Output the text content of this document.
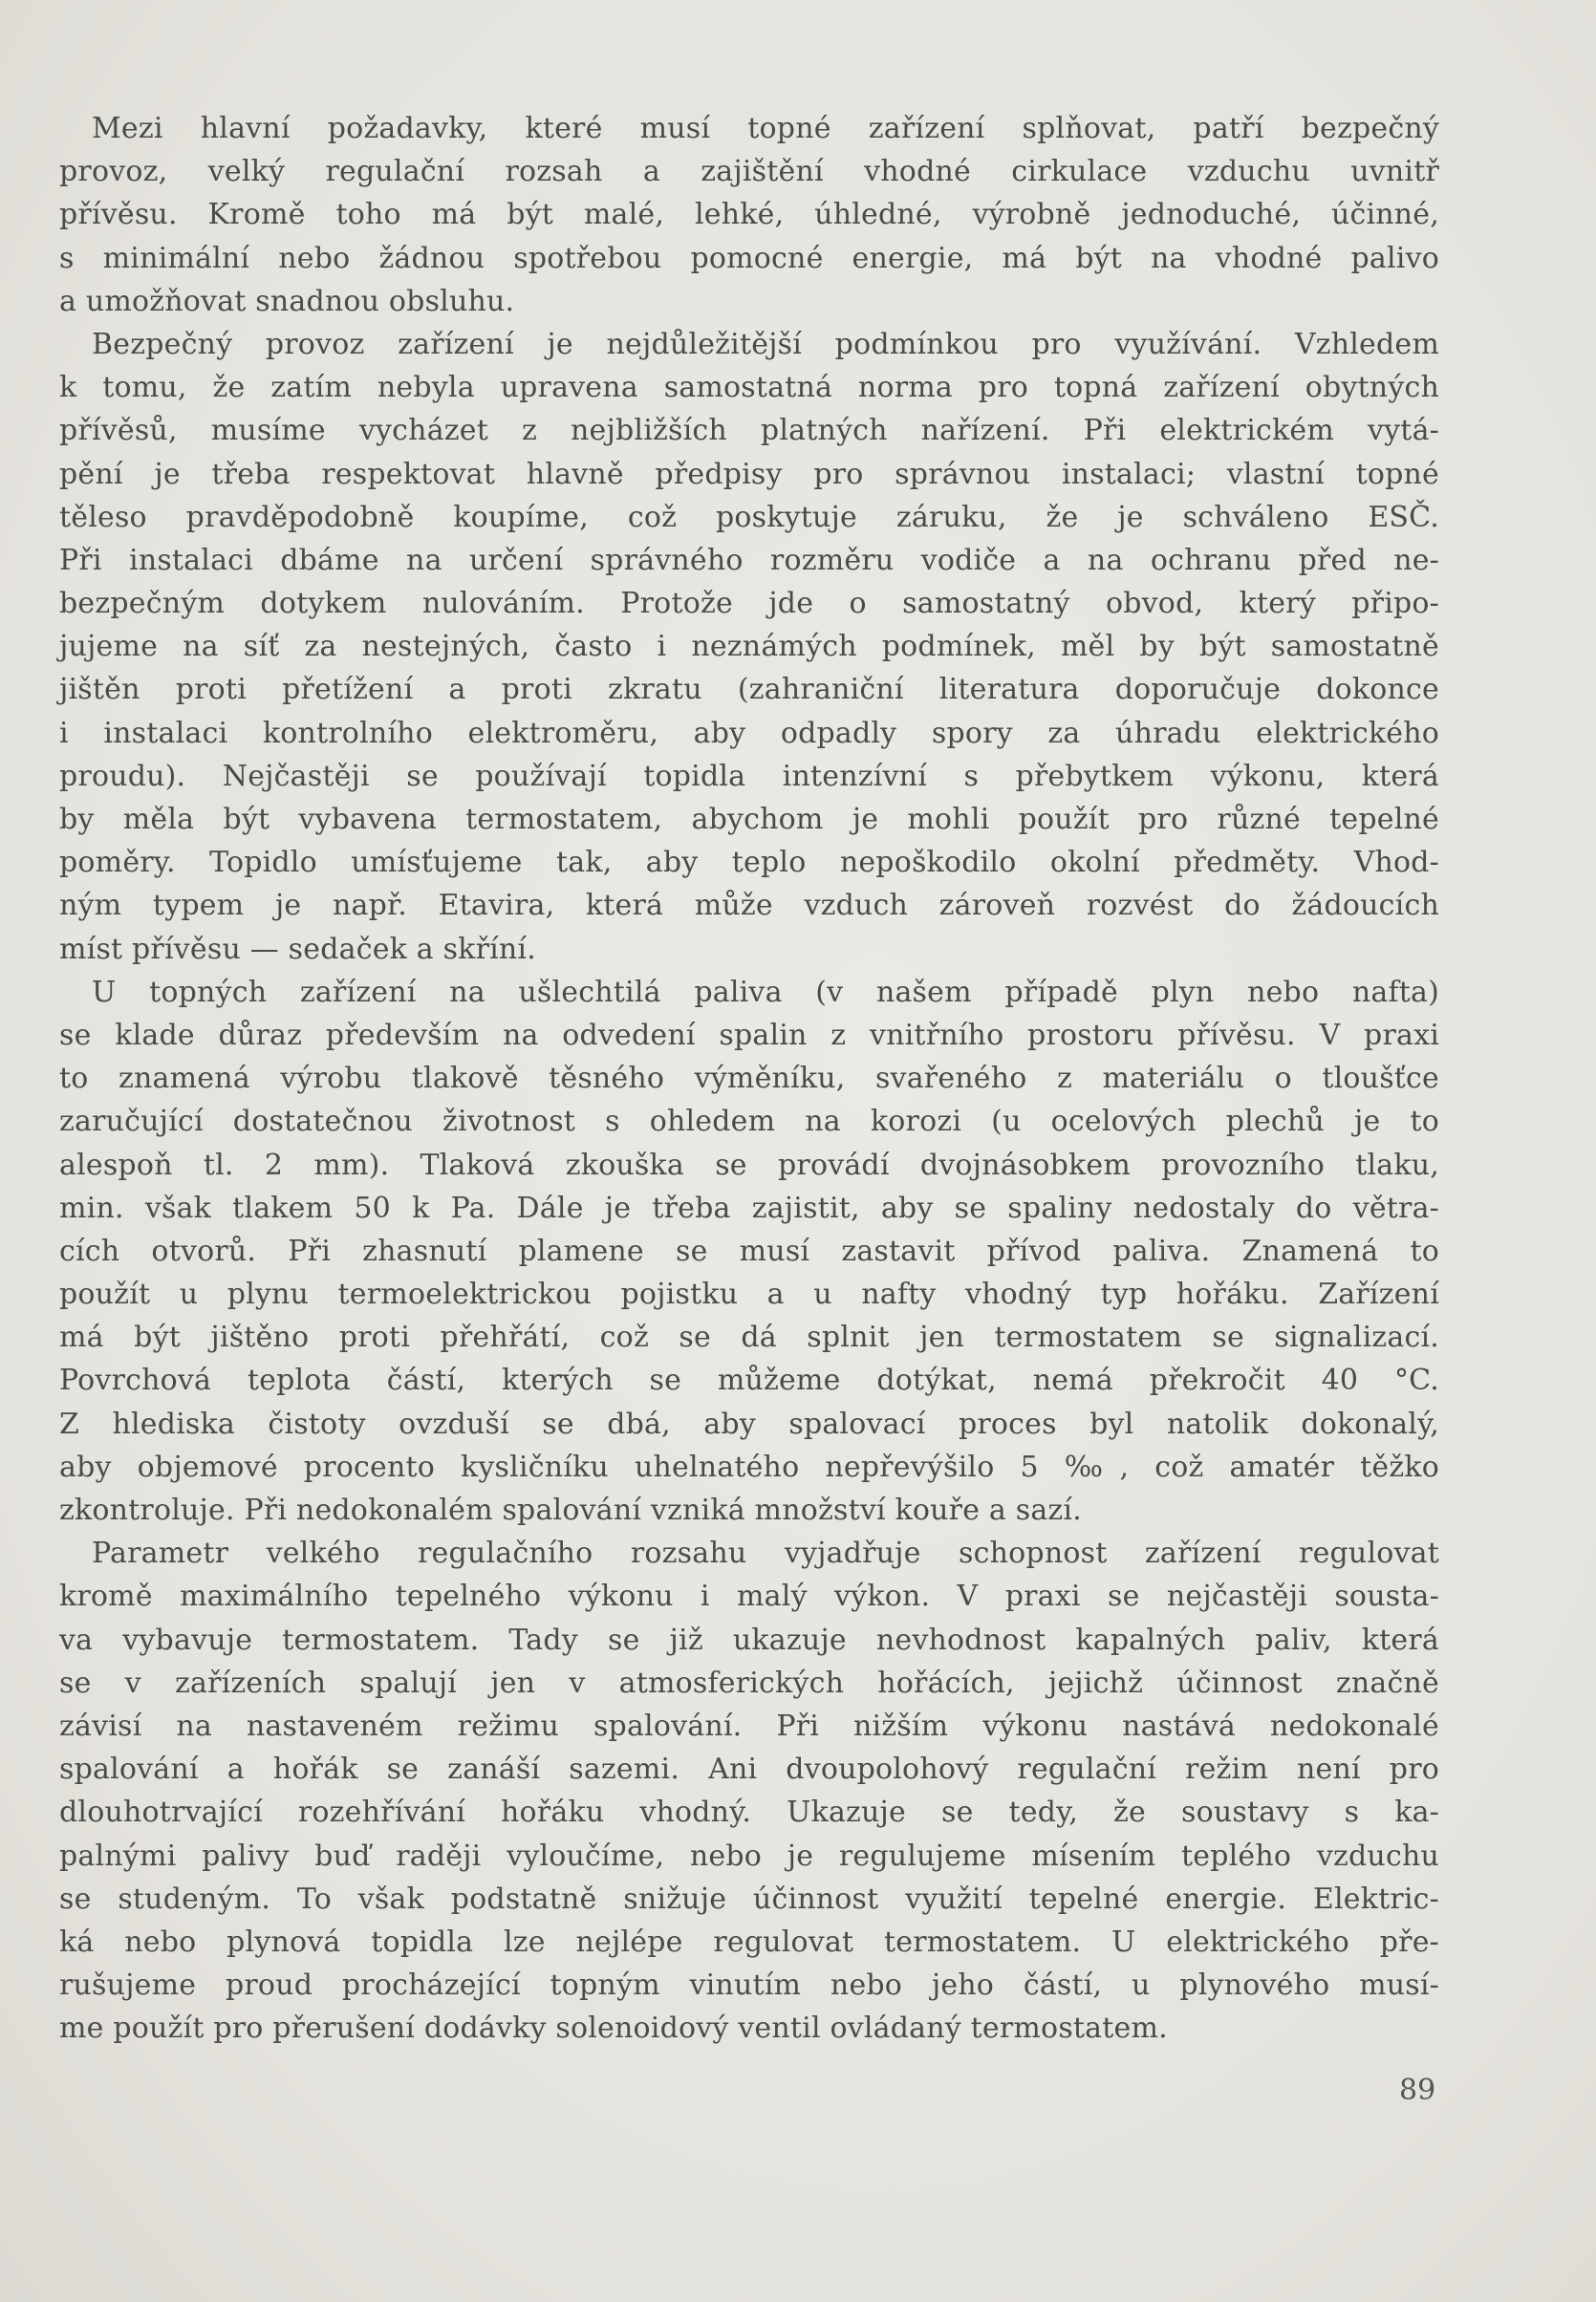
Mezi hlavní požadavky, které musí topné zařízení splňovat, patří bezpečný
provoz, velký regulační rozsah a zajištění vhodné cirkulace vzduchu uvnitř
přívěsu. Kromě toho má být malé, lehké, úhledné, výrobně jednoduché, účinné,
s minimální nebo žádnou spotřebou pomocné energie, má být na vhodné palivo
a umožňovat snadnou obsluhu.
Bezpečný provoz zařízení je nejdůležitější podmínkou pro využívání. Vzhledem
k tomu, že zatím nebyla upravena samostatná norma pro topná zařízení obytných
přívěsů, musíme vycházet z nejbližších platných nařízení. Při elektrickém vytá-
pění je třeba respektovat hlavně předpisy pro správnou instalaci; vlastní topné
těleso pravděpodobně koupíme, což poskytuje záruku, že je schváleno ESČ.
Při instalaci dbáme na určení správného rozměru vodiče a na ochranu před ne-
bezpečným dotykem nulováním. Protože jde o samostatný obvod, který připo-
jujeme na síť za nestejných, často i neznámých podmínek, měl by být samostatně
jištěn proti přetížení a proti zkratu (zahraniční literatura doporučuje dokonce
i instalaci kontrolního elektroměru, aby odpadly spory za úhradu elektrického
proudu). Nejčastěji se používají topidla intenzívní s přebytkem výkonu, která
by měla být vybavena termostatem, abychom je mohli použít pro různé tepelné
poměry. Topidlo umísťujeme tak, aby teplo nepoškodilo okolní předměty. Vhod-
ným typem je např. Etavira, která může vzduch zároveň rozvést do žádoucích
míst přívěsu — sedaček a skříní.
U topných zařízení na ušlechtilá paliva (v našem případě plyn nebo nafta)
se klade důraz především na odvedení spalin z vnitřního prostoru přívěsu. V praxi
to znamená výrobu tlakově těsného výměníku, svařeného z materiálu o tloušťce
zaručující dostatečnou životnost s ohledem na korozi (u ocelových plechů je to
alespoň tl. 2 mm). Tlaková zkouška se provádí dvojnásobkem provozního tlaku,
min. však tlakem 50 k Pa. Dále je třeba zajistit, aby se spaliny nedostaly do větra-
cích otvorů. Při zhasnutí plamene se musí zastavit přívod paliva. Znamená to
použít u plynu termoelektrickou pojistku a u nafty vhodný typ hořáku. Zařízení
má být jištěno proti přehřátí, což se dá splnit jen termostatem se signalizací.
Povrchová teplota částí, kterých se můžeme dotýkat, nemá překročit 40 °C.
Z hlediska čistoty ovzduší se dbá, aby spalovací proces byl natolik dokonalý,
aby objemové procento kysličníku uhelnatého nepřevýšilo 5 ‰, což amatér těžko
zkontroluje. Při nedokonalém spalování vzniká množství kouře a sazí.
Parametr velkého regulačního rozsahu vyjadřuje schopnost zařízení regulovat
kromě maximálního tepelného výkonu i malý výkon. V praxi se nejčastěji sousta-
va vybavuje termostatem. Tady se již ukazuje nevhodnost kapalných paliv, která
se v zařízeních spalují jen v atmosferických hořácích, jejichž účinnost značně
závisí na nastaveném režimu spalování. Při nižším výkonu nastává nedokonalé
spalování a hořák se zanáší sazemi. Ani dvoupolohový regulační režim není pro
dlouhotrvající rozehřívání hořáku vhodný. Ukazuje se tedy, že soustavy s ka-
palnými palivy buď raději vyloučíme, nebo je regulujeme mísením teplého vzduchu
se studeným. To však podstatně snižuje účinnost využití tepelné energie. Elektric-
ká nebo plynová topidla lze nejlépe regulovat termostatem. U elektrického pře-
rušujeme proud procházející topným vinutím nebo jeho částí, u plynového musí-
me použít pro přerušení dodávky solenoidový ventil ovládaný termostatem.
89
